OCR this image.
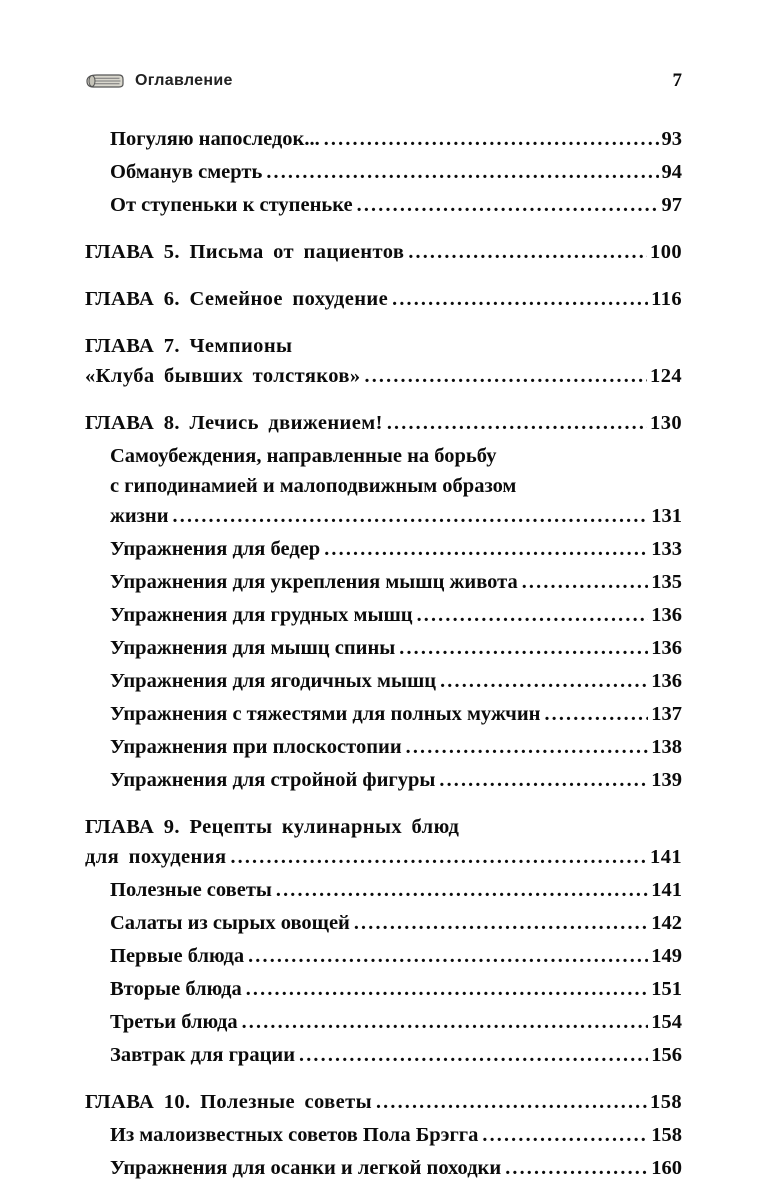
Оглавление	7
Погуляю напоследок... .....	93
Обманув смерть .....	94
От ступеньки к ступеньке .....	97
ГЛАВА 5. Письма от пациентов .....	100
ГЛАВА 6. Семейное похудение .....	116
ГЛАВА 7. Чемпионы
«Клуба бывших толстяков» .....	124
ГЛАВА 8. Лечись движением! .....	130
Самоубеждения, направленные на борьбу
с гиподинамией и малоподвижным образом
жизни .....	131
Упражнения для бедер .....	133
Упражнения для укрепления мышц живота .....	135
Упражнения для грудных мышц .....	136
Упражнения для мышц спины .....	136
Упражнения для ягодичных мышц .....	136
Упражнения с тяжестями для полных мужчин .....	137
Упражнения при плоскостопии .....	138
Упражнения для стройной фигуры .....	139
ГЛАВА 9. Рецепты кулинарных блюд
для похудения .....	141
Полезные советы .....	141
Салаты из сырых овощей .....	142
Первые блюда .....	149
Вторые блюда .....	151
Третьи блюда .....	154
Завтрак для грации .....	156
ГЛАВА 10. Полезные советы .....	158
Из малоизвестных советов Пола Брэгга .....	158
Упражнения для осанки и легкой походки .....	160
